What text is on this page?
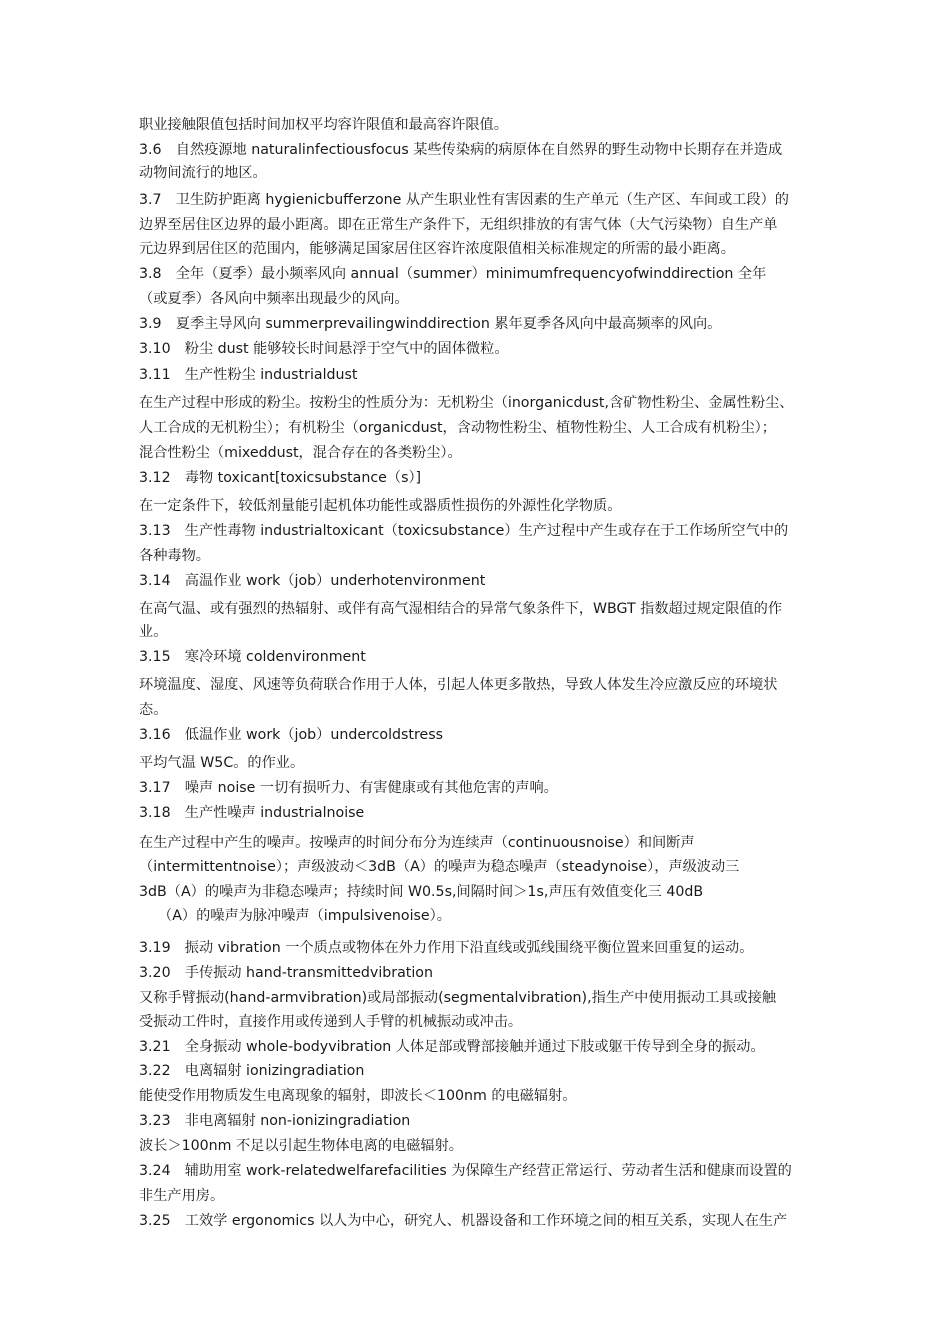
职业接触限值包括时间加权平均容许限值和最高容许限值。
3.6　自然疫源地 naturalinfectiousfocus 某些传染病的病原体在自然界的野生动物中长期存在并造成
动物间流行的地区。
3.7　卫生防护距离 hygienicbufferzone 从产生职业性有害因素的生产单元（生产区、车间或工段）的
边界至居住区边界的最小距离。即在正常生产条件下，无组织排放的有害气体（大气污染物）自生产单
元边界到居住区的范围内，能够满足国家居住区容许浓度限值相关标准规定的所需的最小距离。
3.8　全年（夏季）最小频率风向 annual（summer）minimumfrequencyofwinddirection 全年
（或夏季）各风向中频率出现最少的风向。
3.9　夏季主导风向 summerprevailingwinddirection 累年夏季各风向中最高频率的风向。
3.10　粉尘 dust 能够较长时间悬浮于空气中的固体微粒。
3.11　生产性粉尘 industrialdust
在生产过程中形成的粉尘。按粉尘的性质分为：无机粉尘（inorganicdust,含矿物性粉尘、金属性粉尘、
人工合成的无机粉尘）；有机粉尘（organicdust，含动物性粉尘、植物性粉尘、人工合成有机粉尘）；
混合性粉尘（mixeddust，混合存在的各类粉尘）。
3.12　毒物 toxicant[toxicsubstance（s）]
在一定条件下，较低剂量能引起机体功能性或器质性损伤的外源性化学物质。
3.13　生产性毒物 industrialtoxicant（toxicsubstance）生产过程中产生或存在于工作场所空气中的
各种毒物。
3.14　高温作业 work（job）underhotenvironment
在高气温、或有强烈的热辐射、或伴有高气湿相结合的异常气象条件下，WBGT 指数超过规定限值的作
业。
3.15　寒冷环境 coldenvironment
环境温度、湿度、风速等负荷联合作用于人体，引起人体更多散热，导致人体发生冷应激反应的环境状
态。
3.16　低温作业 work（job）undercoldstress
平均气温 W5C。的作业。
3.17　噪声 noise 一切有损听力、有害健康或有其他危害的声响。
3.18　生产性噪声 industrialnoise
在生产过程中产生的噪声。按噪声的时间分布分为连续声（continuousnoise）和间断声
（intermittentnoise）；声级波动＜3dB（A）的噪声为稳态噪声（steadynoise），声级波动三
3dB（A）的噪声为非稳态噪声；持续时间 W0.5s,间隔时间＞1s,声压有效值变化三 40dB
（A）的噪声为脉冲噪声（impulsivenoise）。
3.19　振动 vibration 一个质点或物体在外力作用下沿直线或弧线围绕平衡位置来回重复的运动。
3.20　手传振动 hand-transmittedvibration
又称手臂振动(hand-armvibration)或局部振动(segmentalvibration),指生产中使用振动工具或接触
受振动工件时，直接作用或传递到人手臂的机械振动或冲击。
3.21　全身振动 whole-bodyvibration 人体足部或臀部接触并通过下肢或躯干传导到全身的振动。
3.22　电离辐射 ionizingradiation
能使受作用物质发生电离现象的辐射，即波长＜100nm 的电磁辐射。
3.23　非电离辐射 non-ionizingradiation
波长＞100nm 不足以引起生物体电离的电磁辐射。
3.24　辅助用室 work-relatedwelfarefacilities 为保障生产经营正常运行、劳动者生活和健康而设置的
非生产用房。
3.25　工效学 ergonomics 以人为中心，研究人、机器设备和工作环境之间的相互关系，实现人在生产
